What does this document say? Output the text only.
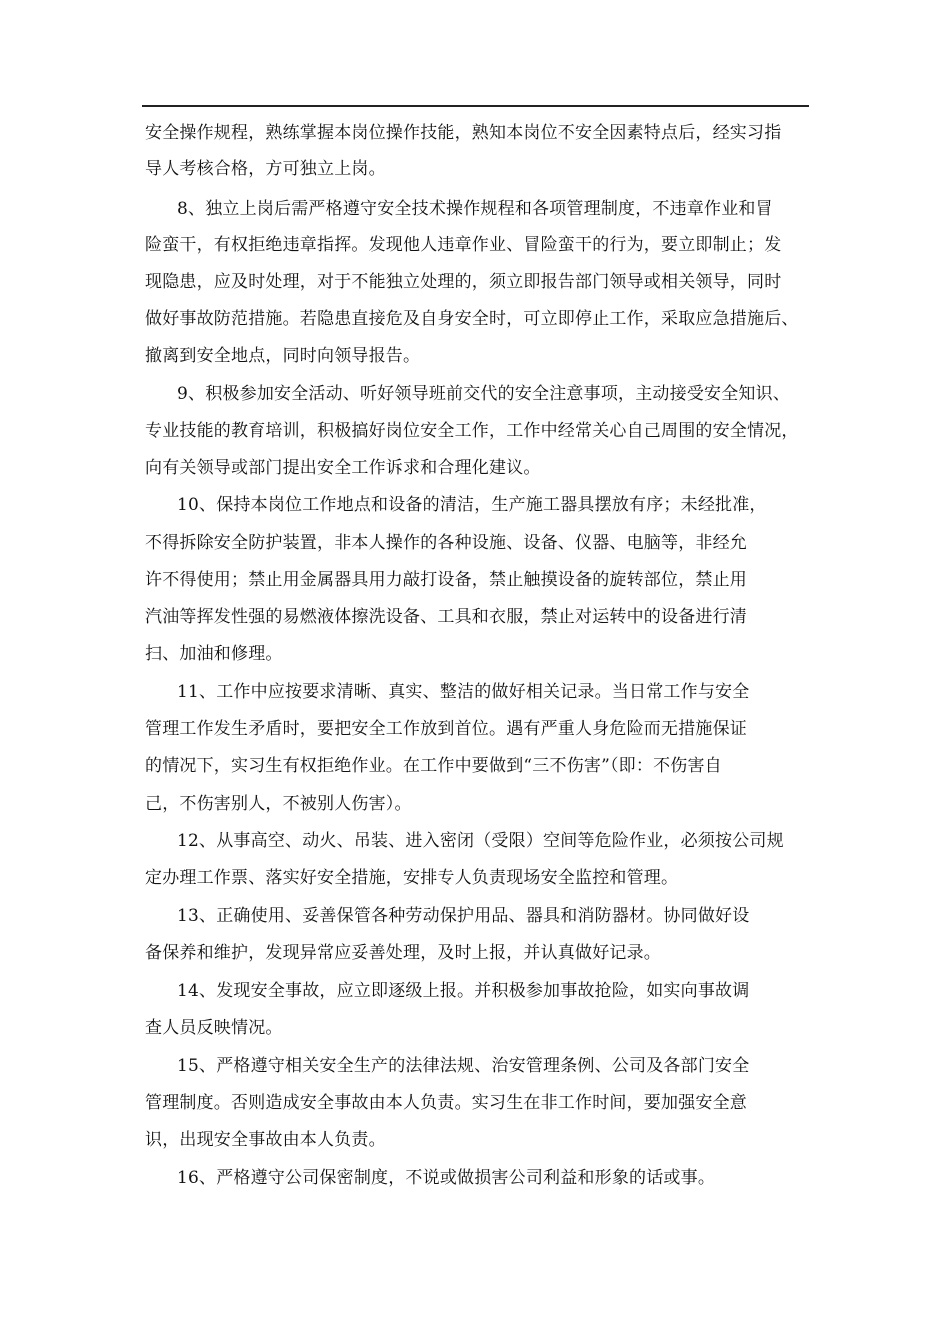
安全操作规程，熟练掌握本岗位操作技能，熟知本岗位不安全因素特点后，经实习指
导人考核合格，方可独立上岗。
8、独立上岗后需严格遵守安全技术操作规程和各项管理制度，不违章作业和冒
险蛮干，有权拒绝违章指挥。发现他人违章作业、冒险蛮干的行为，要立即制止；发
现隐患，应及时处理，对于不能独立处理的，须立即报告部门领导或相关领导，同时
做好事故防范措施。若隐患直接危及自身安全时，可立即停止工作，采取应急措施后、
撤离到安全地点，同时向领导报告。
9、积极参加安全活动、听好领导班前交代的安全注意事项，主动接受安全知识、
专业技能的教育培训，积极搞好岗位安全工作，工作中经常关心自己周围的安全情况，
向有关领导或部门提出安全工作诉求和合理化建议。
10、保持本岗位工作地点和设备的清洁，生产施工器具摆放有序；未经批准，
不得拆除安全防护装置，非本人操作的各种设施、设备、仪器、电脑等，非经允
许不得使用；禁止用金属器具用力敲打设备，禁止触摸设备的旋转部位，禁止用
汽油等挥发性强的易燃液体擦洗设备、工具和衣服，禁止对运转中的设备进行清
扫、加油和修理。
11、工作中应按要求清晰、真实、整洁的做好相关记录。当日常工作与安全
管理工作发生矛盾时，要把安全工作放到首位。遇有严重人身危险而无措施保证
的情况下，实习生有权拒绝作业。在工作中要做到“三不伤害”（即：不伤害自
己，不伤害别人，不被别人伤害）。
12、从事高空、动火、吊装、进入密闭（受限）空间等危险作业，必须按公司规
定办理工作票、落实好安全措施，安排专人负责现场安全监控和管理。
13、正确使用、妥善保管各种劳动保护用品、器具和消防器材。协同做好设
备保养和维护，发现异常应妥善处理，及时上报，并认真做好记录。
14、发现安全事故，应立即逐级上报。并积极参加事故抢险，如实向事故调
查人员反映情况。
15、严格遵守相关安全生产的法律法规、治安管理条例、公司及各部门安全
管理制度。否则造成安全事故由本人负责。实习生在非工作时间，要加强安全意
识，出现安全事故由本人负责。
16、严格遵守公司保密制度，不说或做损害公司利益和形象的话或事。
